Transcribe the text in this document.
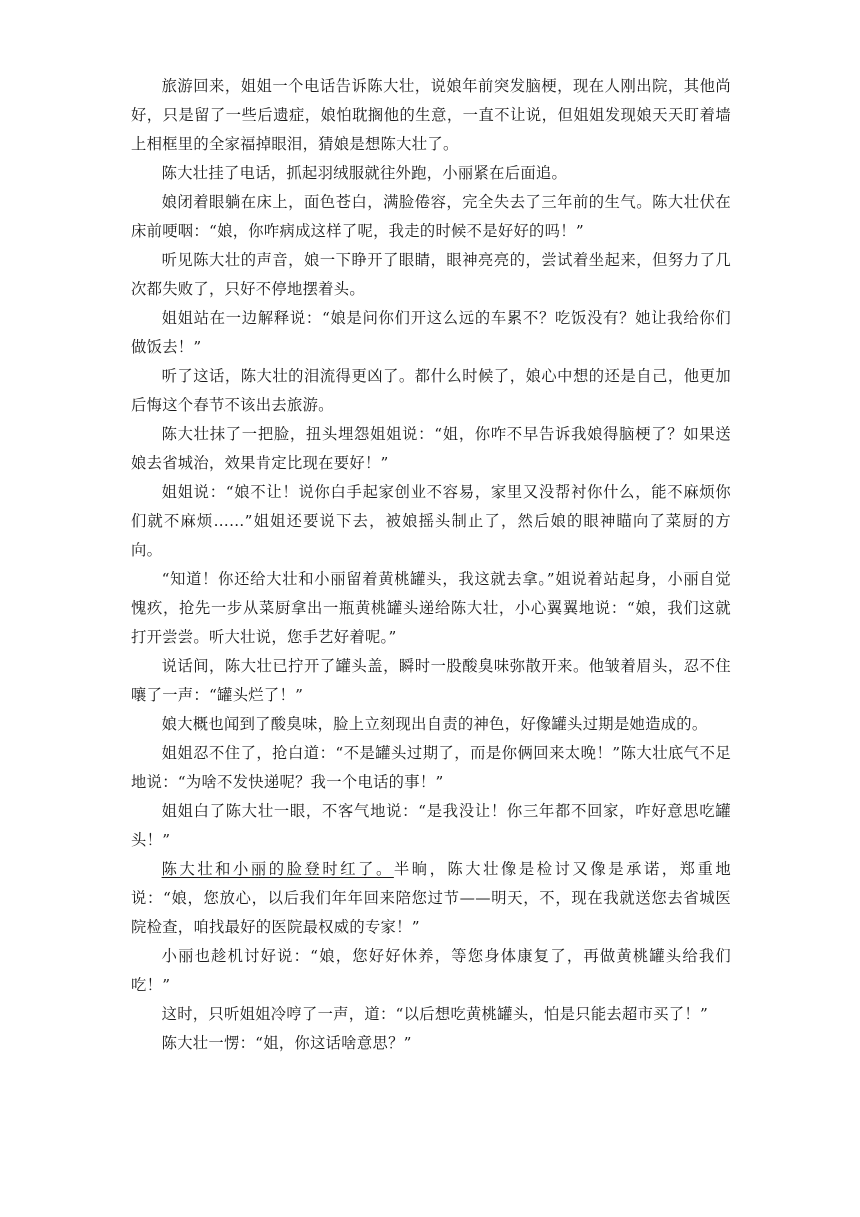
旅游回来，姐姐一个电话告诉陈大壮，说娘年前突发脑梗，现在人刚出院，其他尚好，只是留了一些后遗症，娘怕耽搁他的生意，一直不让说，但姐姐发现娘天天盯着墙上相框里的全家福掉眼泪，猜娘是想陈大壮了。

陈大壮挂了电话，抓起羽绒服就往外跑，小丽紧在后面追。

娘闭着眼躺在床上，面色苍白，满脸倦容，完全失去了三年前的生气。陈大壮伏在床前哽咽：“娘，你咋病成这样了呢，我走的时候不是好好的吗！”

听见陈大壮的声音，娘一下睁开了眼睛，眼神亮亮的，尝试着坐起来，但努力了几次都失败了，只好不停地摆着头。

姐姐站在一边解释说：“娘是问你们开这么远的车累不？吃饭没有？她让我给你们做饭去！”

听了这话，陈大壮的泪流得更凶了。都什么时候了，娘心中想的还是自己，他更加后悔这个春节不该出去旅游。

陈大壮抹了一把脸，扭头埋怨姐姐说：“姐，你咋不早告诉我娘得脑梗了？如果送娘去省城治，效果肯定比现在要好！”

姐姐说：“娘不让！说你白手起家创业不容易，家里又没帮衬你什么，能不麻烦你们就不麻烦……”姐姐还要说下去，被娘摇头制止了，然后娘的眼神瞄向了菜厨的方向。

“知道！你还给大壮和小丽留着黄桃罐头，我这就去拿。”姐说着站起身，小丽自觉愧疚，抢先一步从菜厨拿出一瓶黄桃罐头递给陈大壮，小心翼翼地说：“娘，我们这就打开尝尝。听大壮说，您手艺好着呢。”

说话间，陈大壮已拧开了罐头盖，瞬时一股酸臭味弥散开来。他皱着眉头，忍不住嚷了一声：“罐头烂了！”

娘大概也闻到了酸臭味，脸上立刻现出自责的神色，好像罐头过期是她造成的。

姐姐忍不住了，抢白道：“不是罐头过期了，而是你俩回来太晚！”陈大壮底气不足地说：“为啥不发快递呢？我一个电话的事！”

姐姐白了陈大壮一眼，不客气地说：“是我没让！你三年都不回家，咋好意思吃罐头！”

陈大壮和小丽的脸登时红了。半晌，陈大壮像是检讨又像是承诺，郑重地说：“娘，您放心，以后我们年年回来陪您过节——明天，不，现在我就送您去省城医院检查，咱找最好的医院最权威的专家！”

小丽也趁机讨好说：“娘，您好好休养，等您身体康复了，再做黄桃罐头给我们吃！”

这时，只听姐姐冷哼了一声，道：“以后想吃黄桃罐头，怕是只能去超市买了！”

陈大壮一愣：“姐，你这话啥意思？”
